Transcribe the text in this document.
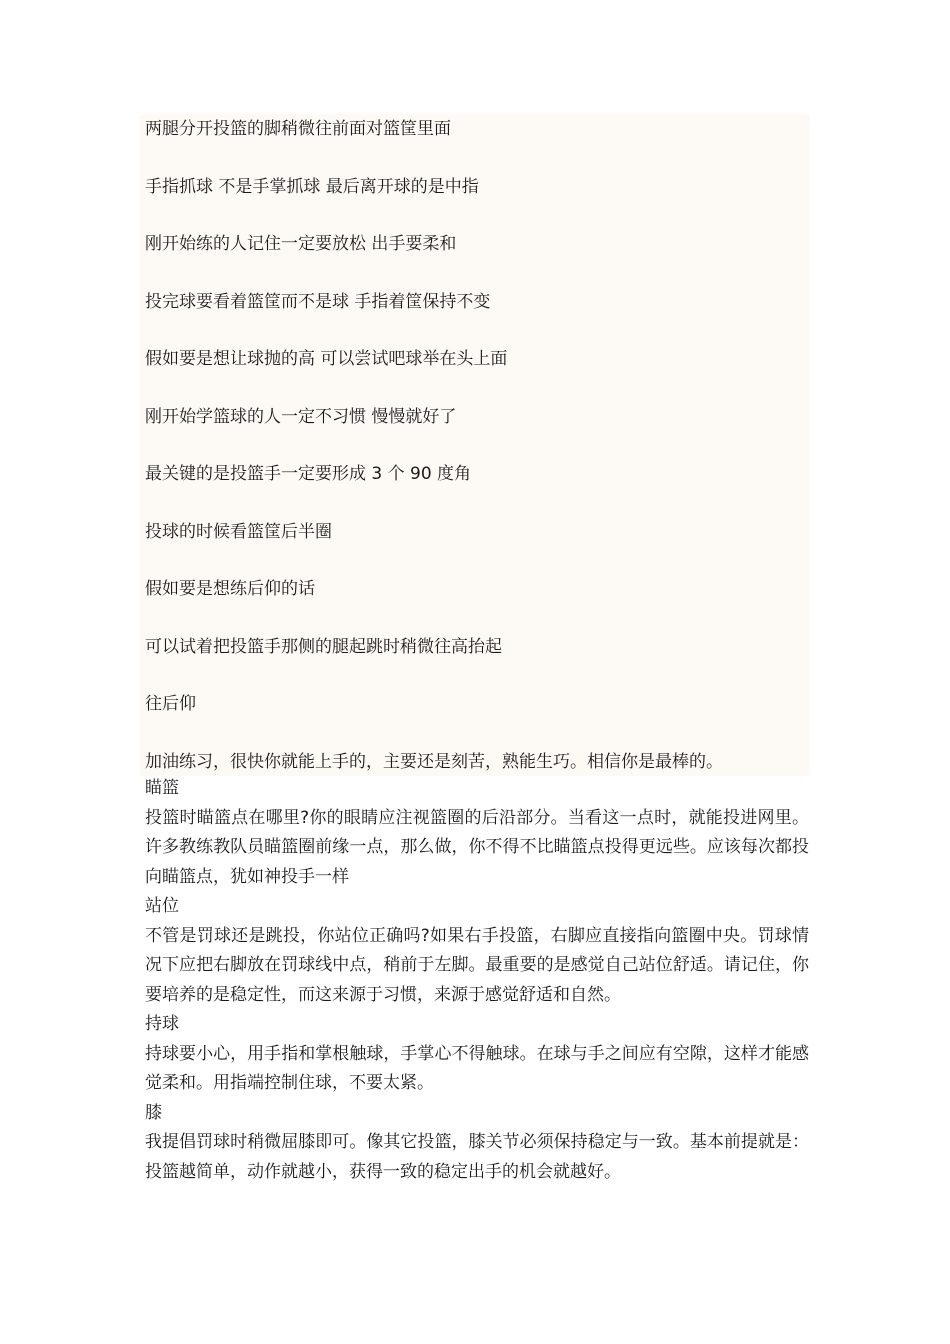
两腿分开投篮的脚稍微往前面对篮筐里面

手指抓球 不是手掌抓球 最后离开球的是中指

刚开始练的人记住一定要放松 出手要柔和

投完球要看着篮筐而不是球 手指着筐保持不变

假如要是想让球抛的高 可以尝试吧球举在头上面

刚开始学篮球的人一定不习惯 慢慢就好了

最关键的是投篮手一定要形成 3 个 90 度角

投球的时候看篮筐后半圈

假如要是想练后仰的话

可以试着把投篮手那侧的腿起跳时稍微往高抬起

往后仰

加油练习，很快你就能上手的，主要还是刻苦，熟能生巧。相信你是最棒的。

瞄篮

投篮时瞄篮点在哪里?你的眼睛应注视篮圈的后沿部分。当看这一点时，就能投进网里。许多教练教队员瞄篮圈前缘一点，那么做，你不得不比瞄篮点投得更远些。应该每次都投向瞄篮点，犹如神投手一样

站位

不管是罚球还是跳投，你站位正确吗?如果右手投篮，右脚应直接指向篮圈中央。罚球情况下应把右脚放在罚球线中点，稍前于左脚。最重要的是感觉自己站位舒适。请记住，你要培养的是稳定性，而这来源于习惯，来源于感觉舒适和自然。

持球

持球要小心，用手指和掌根触球，手掌心不得触球。在球与手之间应有空隙，这样才能感觉柔和。用指端控制住球，不要太紧。

膝

我提倡罚球时稍微屈膝即可。像其它投篮，膝关节必须保持稳定与一致。基本前提就是：投篮越简单，动作就越小，获得一致的稳定出手的机会就越好。
